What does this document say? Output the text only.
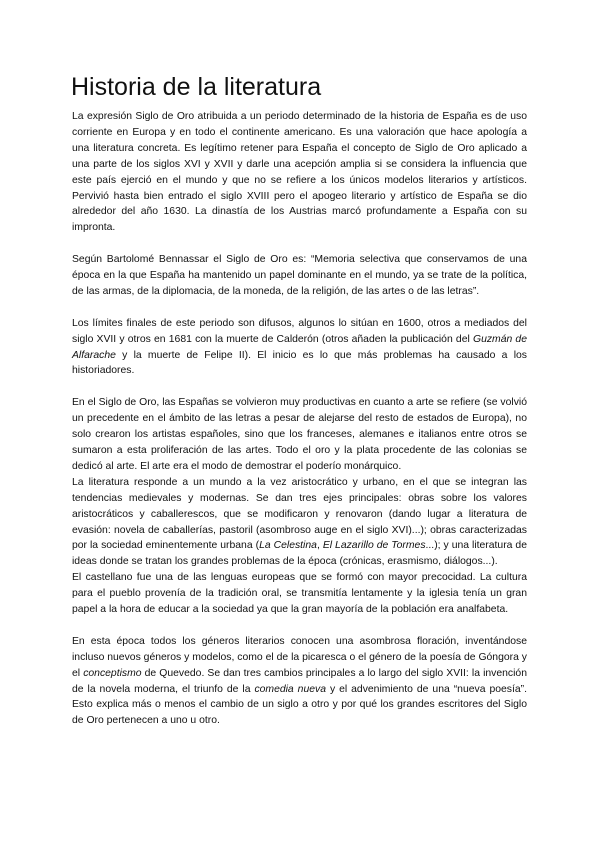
Historia de la literatura

La expresión Siglo de Oro atribuida a un periodo determinado de la historia de España es de uso corriente en Europa y en todo el continente americano. Es una valoración que hace apología a una literatura concreta. Es legítimo retener para España el concepto de Siglo de Oro aplicado a una parte de los siglos XVI y XVII y darle una acepción amplia si se considera la influencia que este país ejerció en el mundo y que no se refiere a los únicos modelos literarios y artísticos. Pervivió hasta bien entrado el siglo XVIII pero el apogeo literario y artístico de España se dio alrededor del año 1630. La dinastía de los Austrias marcó profundamente a España con su impronta.

Según Bartolomé Bennassar el Siglo de Oro es: “Memoria selectiva que conservamos de una época en la que España ha mantenido un papel dominante en el mundo, ya se trate de la política, de las armas, de la diplomacia, de la moneda, de la religión, de las artes o de las letras”.

Los límites finales de este periodo son difusos, algunos lo sitúan en 1600, otros a mediados del siglo XVII y otros en 1681 con la muerte de Calderón (otros añaden la publicación del Guzmán de Alfarache y la muerte de Felipe II). El inicio es lo que más problemas ha causado a los historiadores.

En el Siglo de Oro, las Españas se volvieron muy productivas en cuanto a arte se refiere (se volvió un precedente en el ámbito de las letras a pesar de alejarse del resto de estados de Europa), no solo crearon los artistas españoles, sino que los franceses, alemanes e italianos entre otros se sumaron a esta proliferación de las artes. Todo el oro y la plata procedente de las colonias se dedicó al arte. El arte era el modo de demostrar el poderío monárquico.

La literatura responde a un mundo a la vez aristocrático y urbano, en el que se integran las tendencias medievales y modernas. Se dan tres ejes principales: obras sobre los valores aristocráticos y caballerescos, que se modificaron y renovaron (dando lugar a literatura de evasión: novela de caballerías, pastoril (asombroso auge en el siglo XVI)...); obras caracterizadas por la sociedad eminentemente urbana (La Celestina, El Lazarillo de Tormes...); y una literatura de ideas donde se tratan los grandes problemas de la época (crónicas, erasmismo, diálogos...).

El castellano fue una de las lenguas europeas que se formó con mayor precocidad. La cultura para el pueblo provenía de la tradición oral, se transmitía lentamente y la iglesia tenía un gran papel a la hora de educar a la sociedad ya que la gran mayoría de la población era analfabeta.

En esta época todos los géneros literarios conocen una asombrosa floración, inventándose incluso nuevos géneros y modelos, como el de la picaresca o el género de la poesía de Góngora y el conceptismo de Quevedo. Se dan tres cambios principales a lo largo del siglo XVII: la invención de la novela moderna, el triunfo de la comedia nueva y el advenimiento de una “nueva poesía”. Esto explica más o menos el cambio de un siglo a otro y por qué los grandes escritores del Siglo de Oro pertenecen a uno u otro.
